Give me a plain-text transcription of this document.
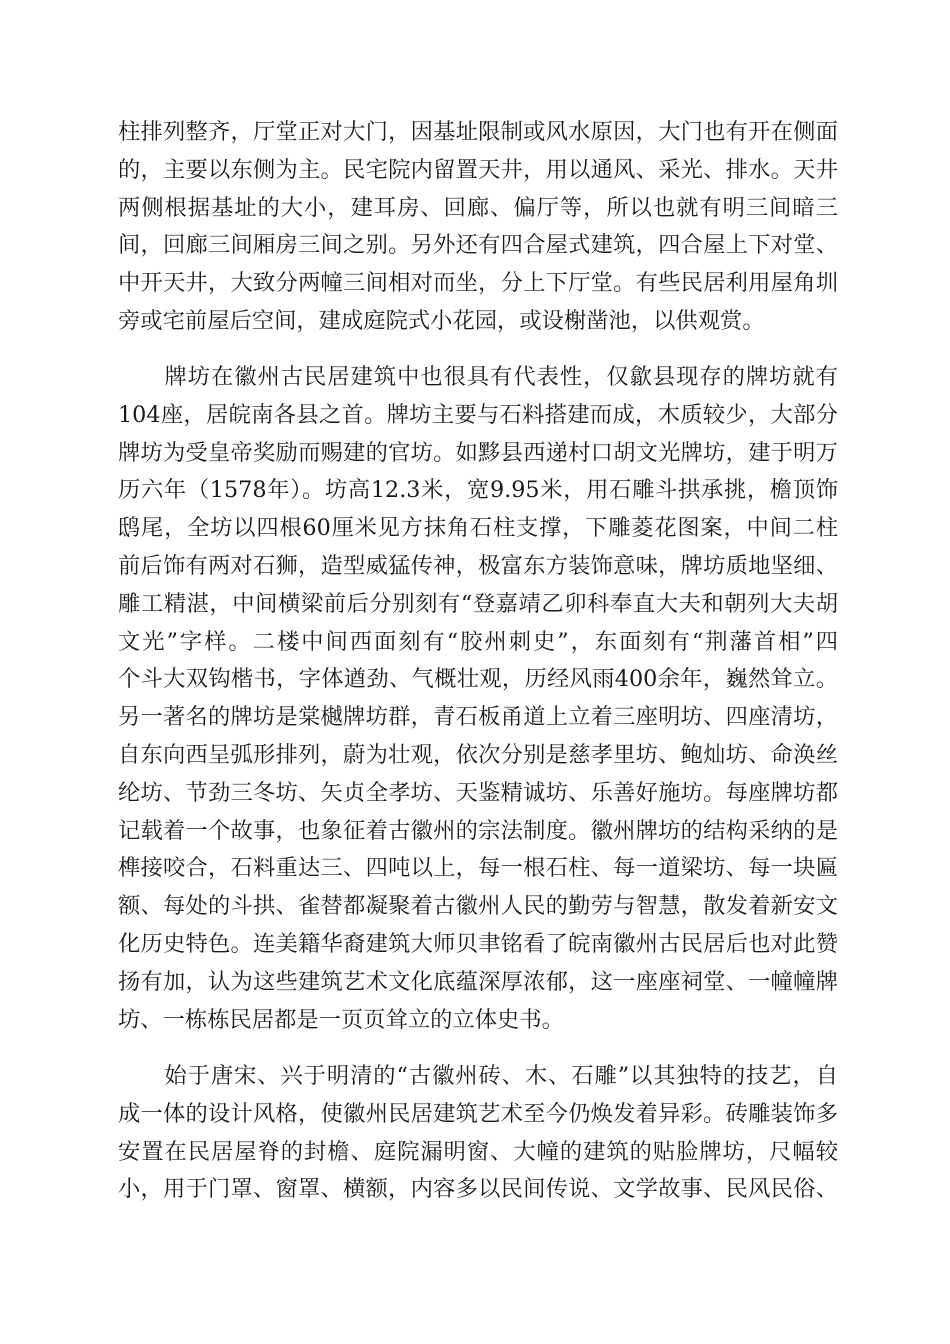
柱排列整齐，厅堂正对大门，因基址限制或风水原因，大门也有开在侧面
的，主要以东侧为主。民宅院内留置天井，用以通风、采光、排水。天井
两侧根据基址的大小，建耳房、回廊、偏厅等，所以也就有明三间暗三
间，回廊三间厢房三间之别。另外还有四合屋式建筑，四合屋上下对堂、
中开天井，大致分两幢三间相对而坐，分上下厅堂。有些民居利用屋角圳
旁或宅前屋后空间，建成庭院式小花园，或设榭凿池，以供观赏。
　　牌坊在徽州古民居建筑中也很具有代表性，仅歙县现存的牌坊就有
104座，居皖南各县之首。牌坊主要与石料搭建而成，木质较少，大部分
牌坊为受皇帝奖励而赐建的官坊。如黟县西递村口胡文光牌坊，建于明万
历六年（1578年）。坊高12.3米，宽9.95米，用石雕斗拱承挑，檐顶饰
鸱尾，全坊以四根60厘米见方抹角石柱支撑，下雕菱花图案，中间二柱
前后饰有两对石狮，造型威猛传神，极富东方装饰意味，牌坊质地坚细、
雕工精湛，中间横梁前后分别刻有“登嘉靖乙卯科奉直大夫和朝列大夫胡
文光”字样。二楼中间西面刻有“胶州刺史”，东面刻有“荆藩首相”四
个斗大双钩楷书，字体遒劲、气概壮观，历经风雨400余年，巍然耸立。
另一著名的牌坊是棠樾牌坊群，青石板甬道上立着三座明坊、四座清坊，
自东向西呈弧形排列，蔚为壮观，依次分别是慈孝里坊、鲍灿坊、命涣丝
纶坊、节劲三冬坊、矢贞全孝坊、天鉴精诚坊、乐善好施坊。每座牌坊都
记载着一个故事，也象征着古徽州的宗法制度。徽州牌坊的结构采纳的是
榫接咬合，石料重达三、四吨以上，每一根石柱、每一道梁坊、每一块匾
额、每处的斗拱、雀替都凝聚着古徽州人民的勤劳与智慧，散发着新安文
化历史特色。连美籍华裔建筑大师贝聿铭看了皖南徽州古民居后也对此赞
扬有加，认为这些建筑艺术文化底蕴深厚浓郁，这一座座祠堂、一幢幢牌
坊、一栋栋民居都是一页页耸立的立体史书。
　　始于唐宋、兴于明清的“古徽州砖、木、石雕”以其独特的技艺，自
成一体的设计风格，使徽州民居建筑艺术至今仍焕发着异彩。砖雕装饰多
安置在民居屋脊的封檐、庭院漏明窗、大幢的建筑的贴脸牌坊，尺幅较
小，用于门罩、窗罩、横额，内容多以民间传说、文学故事、民风民俗、
